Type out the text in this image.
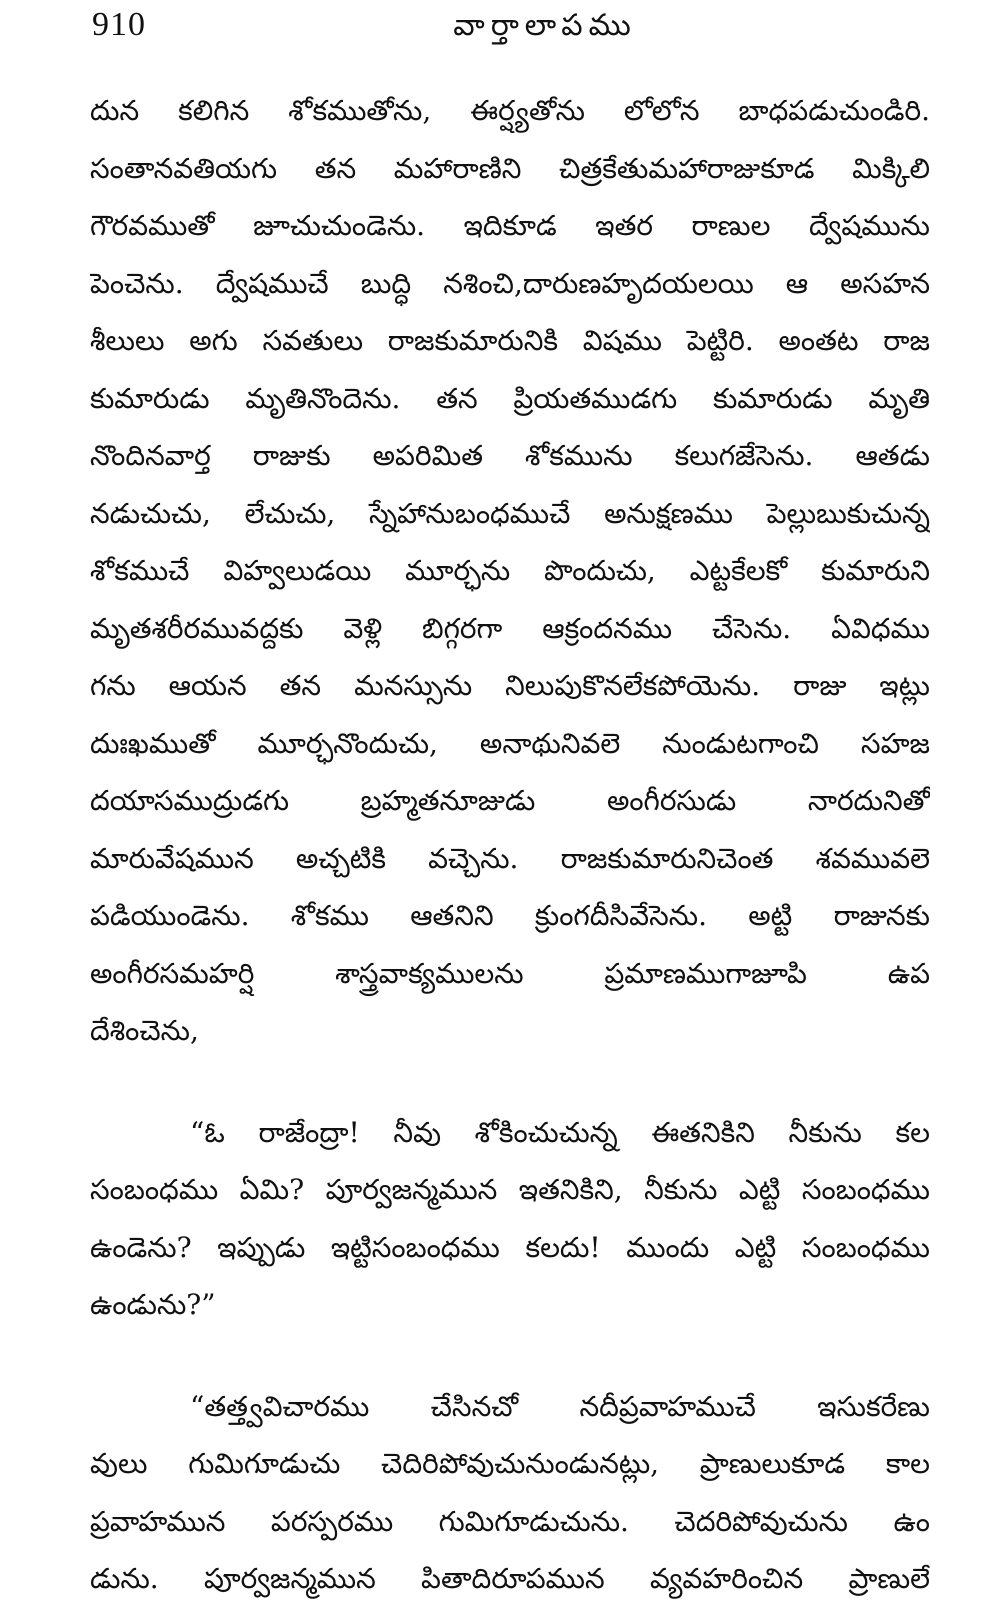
910	వార్తాలాపము
దున కలిగిన శోకముతోను, ఈర్ష్యతోను లోలోన బాధపడుచుండిరి.
సంతానవతియగు తన మహారాణిని చిత్రకేతుమహారాజుకూడ మిక్కిలి
గౌరవముతో జూచుచుండెను. ఇదికూడ ఇతర రాణుల ద్వేషమును
పెంచెను. ద్వేషముచే బుద్ధి నశించి,దారుణహృదయలయి ఆ అసహన
శీలులు అగు సవతులు రాజకుమారునికి విషము పెట్టిరి. అంతట రాజ
కుమారుడు మృతినొందెను. తన ప్రియతముడగు కుమారుడు మృతి
నొందినవార్త రాజుకు అపరిమిత శోకమును కలుగజేసెను. ఆతడు
నడుచుచు, లేచుచు, స్నేహానుబంధముచే అనుక్షణము పెల్లుబుకుచున్న
శోకముచే విహ్వలుడయి మూర్ఛను పొందుచు, ఎట్టకేలకో కుమారుని
మృతశరీరమువద్దకు వెళ్లి బిగ్గరగా ఆక్రందనము చేసెను. ఏవిధము
గను ఆయన తన మనస్సును నిలుపుకొనలేకపోయెను. రాజు ఇట్లు
దుఃఖముతో మూర్ఛనొందుచు, అనాథునివలె నుండుటగాంచి సహజ
దయాసముద్రుడగు బ్రహ్మతనూజుడు అంగీరసుడు నారదునితో
మారువేషమున అచ్చటికి వచ్చెను. రాజకుమారునిచెంత శవమువలె
పడియుండెను. శోకము ఆతనిని క్రుంగదీసివేసెను. అట్టి రాజునకు
అంగీరసమహర్షి శాస్త్రవాక్యములను ప్రమాణముగాజూపి ఉప
దేశించెను,
“ఓ రాజేంద్రా! నీవు శోకించుచున్న ఈతనికిని నీకును కల
సంబంధము ఏమి? పూర్వజన్మమున ఇతనికిని, నీకును ఎట్టి సంబంధము
ఉండెను? ఇప్పుడు ఇట్టిసంబంధము కలదు! ముందు ఎట్టి సంబంధము
ఉండును?”
“తత్త్వవిచారము చేసినచో నదీప్రవాహముచే ఇసుకరేణు
వులు గుమిగూడుచు చెదిరిపోవుచునుండునట్లు, ప్రాణులుకూడ కాల
ప్రవాహమున పరస్పరము గుమిగూడుచును. చెదరిపోవుచును ఉం
డును. పూర్వజన్మమున పితాదిరూపమున వ్యవహరించిన ప్రాణులే
